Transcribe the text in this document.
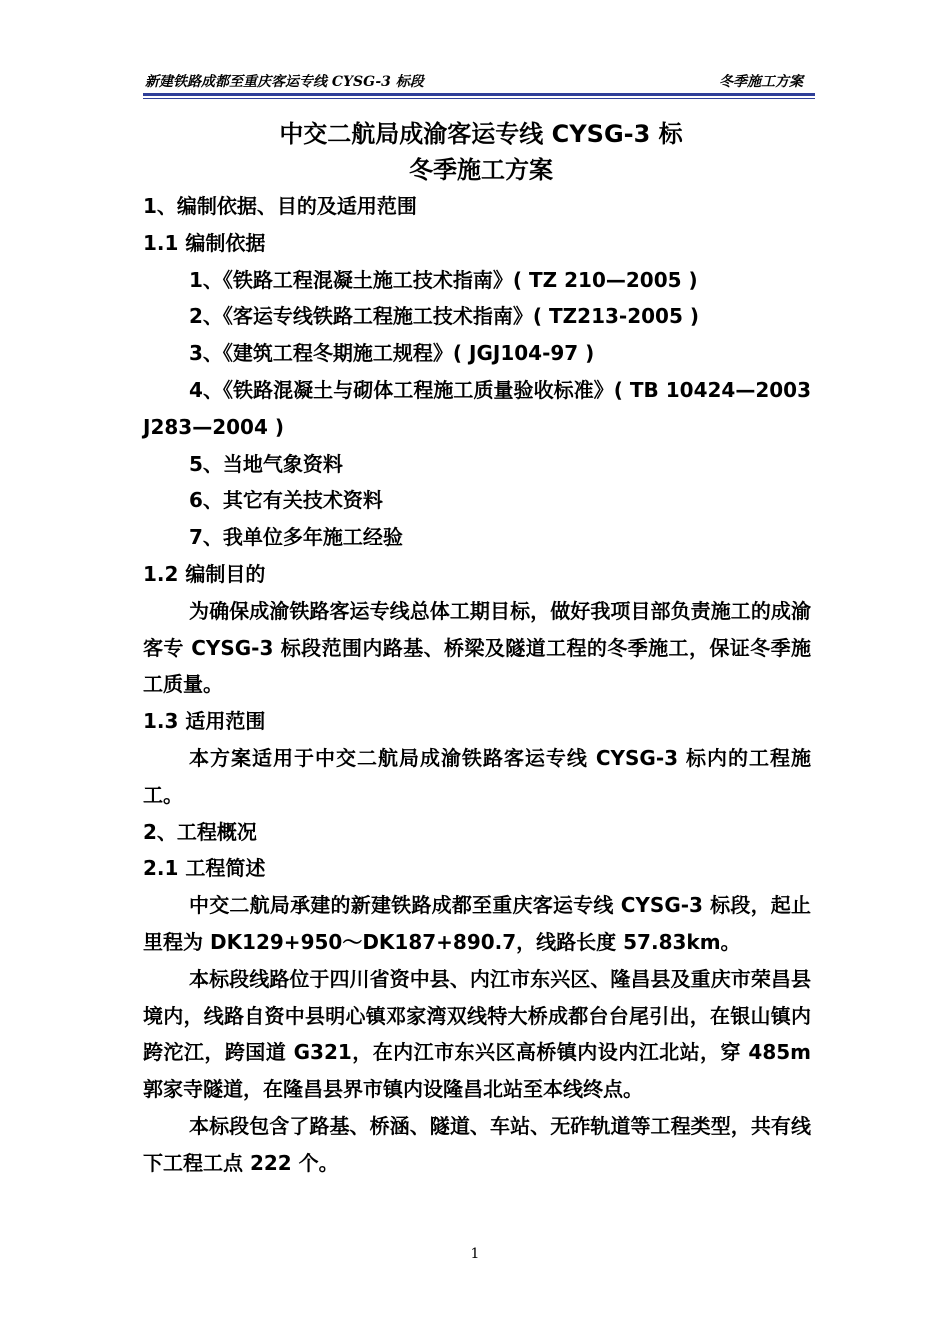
新建铁路成都至重庆客运专线 CYSG-3 标段	冬季施工方案
中交二航局成渝客运专线 CYSG-3 标
冬季施工方案
1、编制依据、目的及适用范围
1.1 编制依据
1、《铁路工程混凝土施工技术指南》( TZ 210—2005 )
2、《客运专线铁路工程施工技术指南》( TZ213-2005 )
3、《建筑工程冬期施工规程》( JGJ104-97 )
4、《铁路混凝土与砌体工程施工质量验收标准》( TB 10424—2003 J283—2004 )
5、当地气象资料
6、其它有关技术资料
7、我单位多年施工经验
1.2 编制目的
为确保成渝铁路客运专线总体工期目标，做好我项目部负责施工的成渝客专 CYSG-3 标段范围内路基、桥梁及隧道工程的冬季施工，保证冬季施工质量。
1.3 适用范围
本方案适用于中交二航局成渝铁路客运专线 CYSG-3 标内的工程施工。
2、工程概况
2.1 工程简述
中交二航局承建的新建铁路成都至重庆客运专线 CYSG-3 标段，起止里程为 DK129+950～DK187+890.7，线路长度 57.83km。
本标段线路位于四川省资中县、内江市东兴区、隆昌县及重庆市荣昌县境内，线路自资中县明心镇邓家湾双线特大桥成都台台尾引出，在银山镇内跨沱江，跨国道 G321，在内江市东兴区高桥镇内设内江北站，穿 485m 郭家寺隧道，在隆昌县界市镇内设隆昌北站至本线终点。
本标段包含了路基、桥涵、隧道、车站、无砟轨道等工程类型，共有线下工程工点 222 个。
1
